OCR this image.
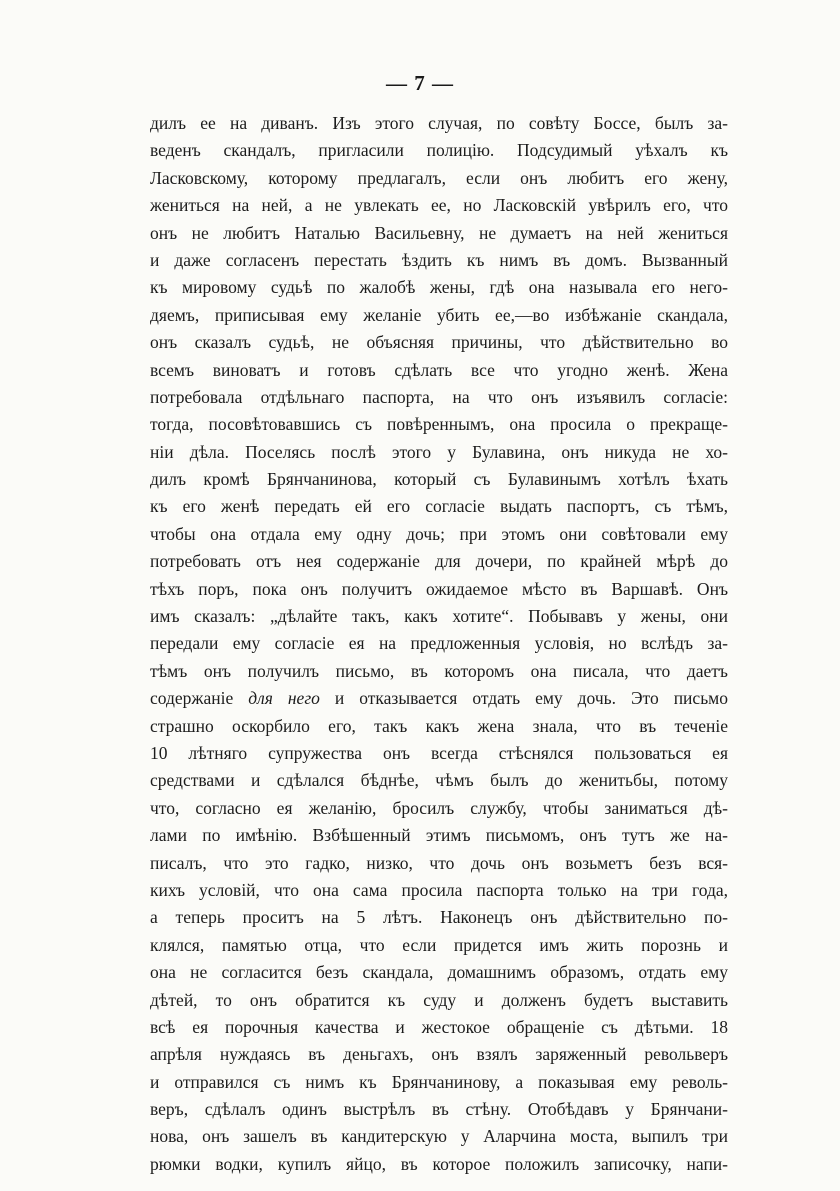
— 7 —
дилъ ее на диванъ. Изъ этого случая, по совѣту Боссе, былъ за-
веденъ скандалъ, пригласили полицію. Подсудимый уѣхалъ къ
Ласковскому, которому предлагалъ, если онъ любитъ его жену,
жениться на ней, а не увлекать ее, но Ласковскій увѣрилъ его, что
онъ не любитъ Наталью Васильевну, не думаетъ на ней жениться
и даже согласенъ перестать ѣздить къ нимъ въ домъ. Вызванный
къ мировому судьѣ по жалобѣ жены, гдѣ она называла его него-
дяемъ, приписывая ему желаніе убить ее,—во избѣжаніе скандала,
онъ сказалъ судьѣ, не объясняя причины, что дѣйствительно во
всемъ виноватъ и готовъ сдѣлать все что угодно женѣ. Жена
потребовала отдѣльнаго паспорта, на что онъ изъявилъ согласіе:
тогда, посовѣтовавшись съ повѣреннымъ, она просила о прекраще-
ніи дѣла. Поселясь послѣ этого у Булавина, онъ никуда не хо-
дилъ кромѣ Брянчанинова, который съ Булавинымъ хотѣлъ ѣхать
къ его женѣ передать ей его согласіе выдать паспортъ, съ тѣмъ,
чтобы она отдала ему одну дочь; при этомъ они совѣтовали ему
потребовать отъ нея содержаніе для дочери, по крайней мѣрѣ до
тѣхъ поръ, пока онъ получитъ ожидаемое мѣсто въ Варшавѣ. Онъ
имъ сказалъ: „дѣлайте такъ, какъ хотите“. Побывавъ у жены, они
передали ему согласіе ея на предложенныя условія, но вслѣдъ за-
тѣмъ онъ получилъ письмо, въ которомъ она писала, что даетъ
содержаніе для него и отказывается отдать ему дочь. Это письмо
страшно оскорбило его, такъ какъ жена знала, что въ теченіе
10 лѣтняго супружества онъ всегда стѣснялся пользоваться ея
средствами и сдѣлался бѣднѣе, чѣмъ былъ до женитьбы, потому
что, согласно ея желанію, бросилъ службу, чтобы заниматься дѣ-
лами по имѣнію. Взбѣшенный этимъ письмомъ, онъ тутъ же на-
писалъ, что это гадко, низко, что дочь онъ возьметъ безъ вся-
кихъ условій, что она сама просила паспорта только на три года,
а теперь проситъ на 5 лѣтъ. Наконецъ онъ дѣйствительно по-
клялся, памятью отца, что если придется имъ жить порознь и
она не согласится безъ скандала, домашнимъ образомъ, отдать ему
дѣтей, то онъ обратится къ суду и долженъ будетъ выставить
всѣ ея порочныя качества и жестокое обращеніе съ дѣтьми. 18
апрѣля нуждаясь въ деньгахъ, онъ взялъ заряженный револьверъ
и отправился съ нимъ къ Брянчанинову, а показывая ему револь-
веръ, сдѣлалъ одинъ выстрѣлъ въ стѣну. Отобѣдавъ у Брянчани-
нова, онъ зашелъ въ кандитерскую у Аларчина моста, выпилъ три
рюмки водки, купилъ яйцо, въ которое положилъ записочку, напи-
